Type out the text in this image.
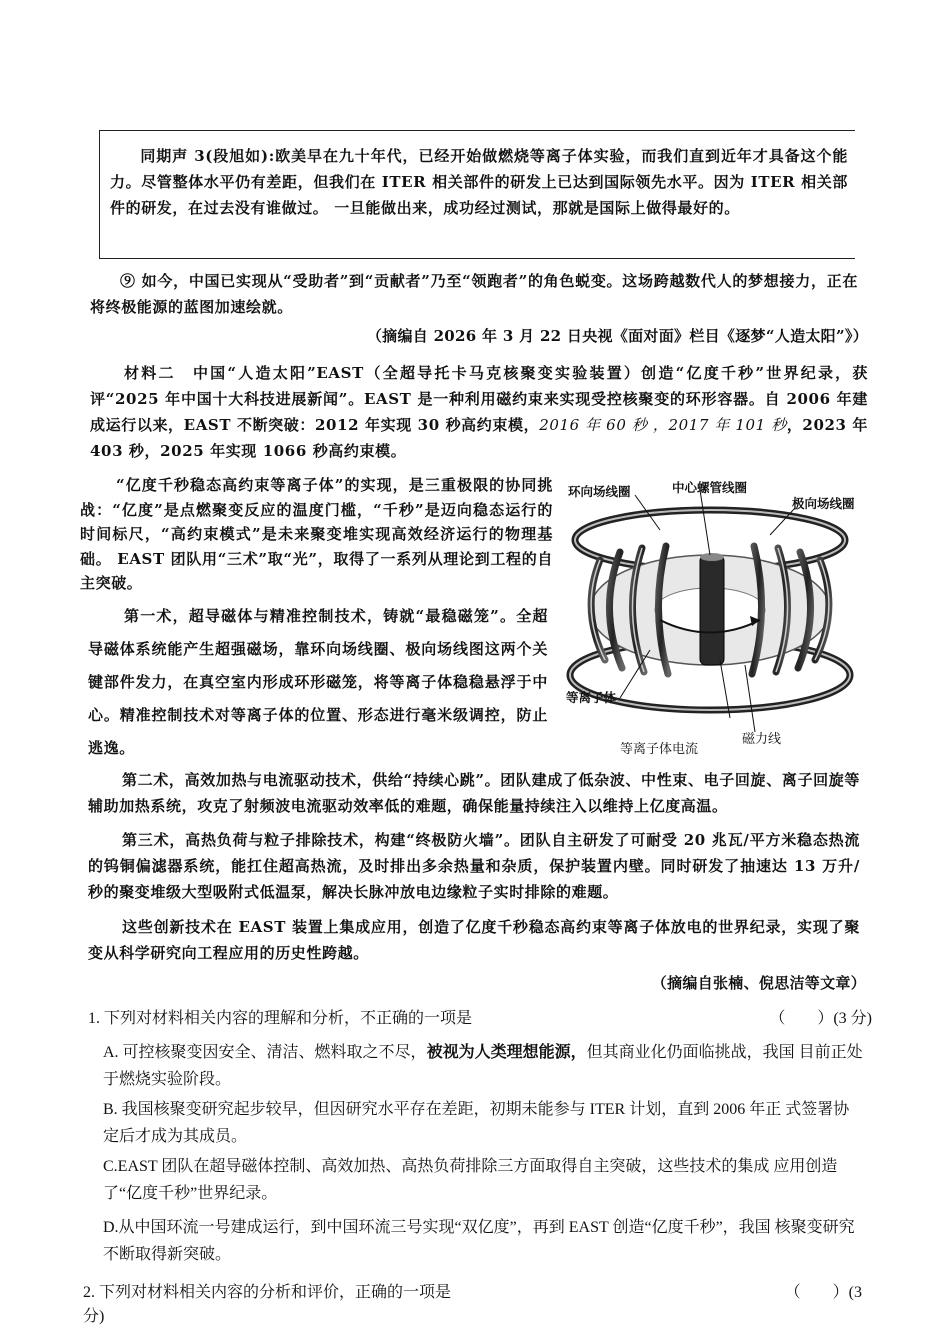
同期声 3(段旭如):欧美早在九十年代，已经开始做燃烧等离子体实验，而我们直到近年才具备这个能力。尽管整体水平仍有差距，但我们在 ITER 相关部件的研发上已达到国际领先水平。因为 ITER 相关部件的研发，在过去没有谁做过。 一旦能做出来，成功经过测试，那就是国际上做得最好的。
⑨ 如今，中国已实现从“受助者”到“贡献者”乃至“领跑者”的角色蜕变。这场跨越数代人的梦想接力，正在将终极能源的蓝图加速绘就。
（摘编自 2026 年 3 月 22 日央视《面对面》栏目《逐梦“人造太阳”》）
材料二　 中国“人造太阳”EAST（全超导托卡马克核聚变实验装置）创造“亿度千秒”世界纪录，获评“2025 年中国十大科技进展新闻”。EAST 是一种利用磁约束来实现受控核聚变的环形容器。自 2006 年建成运行以来，EAST 不断突破：2012 年实现 30 秒高约束模，2016 年 60 秒 ，2017 年 101 秒，2023 年 403 秒，2025 年实现 1066 秒高约束模。
“亿度千秒稳态高约束等离子体”的实现，是三重极限的协同挑战：“亿度”是点燃聚变反应的温度门槛，“千秒”是迈向稳态运行的时间标尺，“高约束模式”是未来聚变堆实现高效经济运行的物理基础。 EAST 团队用“三术”取“光”，取得了一系列从理论到工程的自主突破。
第一术，超导磁体与精准控制技术，铸就“最稳磁笼”。全超导磁体系统能产生超强磁场，靠环向场线圈、极向场线图这两个关键部件发力，在真空室内形成环形磁笼，将等离子体稳稳悬浮于中心。精准控制技术对等离子体的位置、形态进行毫米级调控，防止逃逸。
环向场线圈	中心螺管线圈
极向场线圈
等离子体
等离子体电流
磁力线
第二术，高效加热与电流驱动技术，供给“持续心跳”。团队建成了低杂波、中性束、电子回旋、离子回旋等辅助加热系统，攻克了射频波电流驱动效率低的难题，确保能量持续注入以维持上亿度高温。
第三术，高热负荷与粒子排除技术，构建“终极防火墙”。团队自主研发了可耐受 20 兆瓦/平方米稳态热流的钨铜偏滤器系统，能扛住超高热流，及时排出多余热量和杂质，保护装置内壁。同时研发了抽速达 13 万升/秒的聚变堆级大型吸附式低温泵，解决长脉冲放电边缘粒子实时排除的难题。
这些创新技术在 EAST 装置上集成应用，创造了亿度千秒稳态高约束等离子体放电的世界纪录，实现了聚变从科学研究向工程应用的历史性跨越。
（摘编自张楠、倪思洁等文章）
1. 下列对材料相关内容的理解和分析，不正确的一项是	（　　）(3 分)
A. 可控核聚变因安全、清洁、燃料取之不尽，被视为人类理想能源，但其商业化仍面临挑战，我国 目前正处于燃烧实验阶段。
B. 我国核聚变研究起步较早，但因研究水平存在差距，初期未能参与 ITER 计划，直到 2006 年正 式签署协定后才成为其成员。
C.EAST 团队在超导磁体控制、高效加热、高热负荷排除三方面取得自主突破，这些技术的集成 应用创造了“亿度千秒”世界纪录。
D.从中国环流一号建成运行，到中国环流三号实现“双亿度”，再到 EAST 创造“亿度千秒”，我国 核聚变研究不断取得新突破。
2. 下列对材料相关内容的分析和评价，正确的一项是	（　　）(3
分)
